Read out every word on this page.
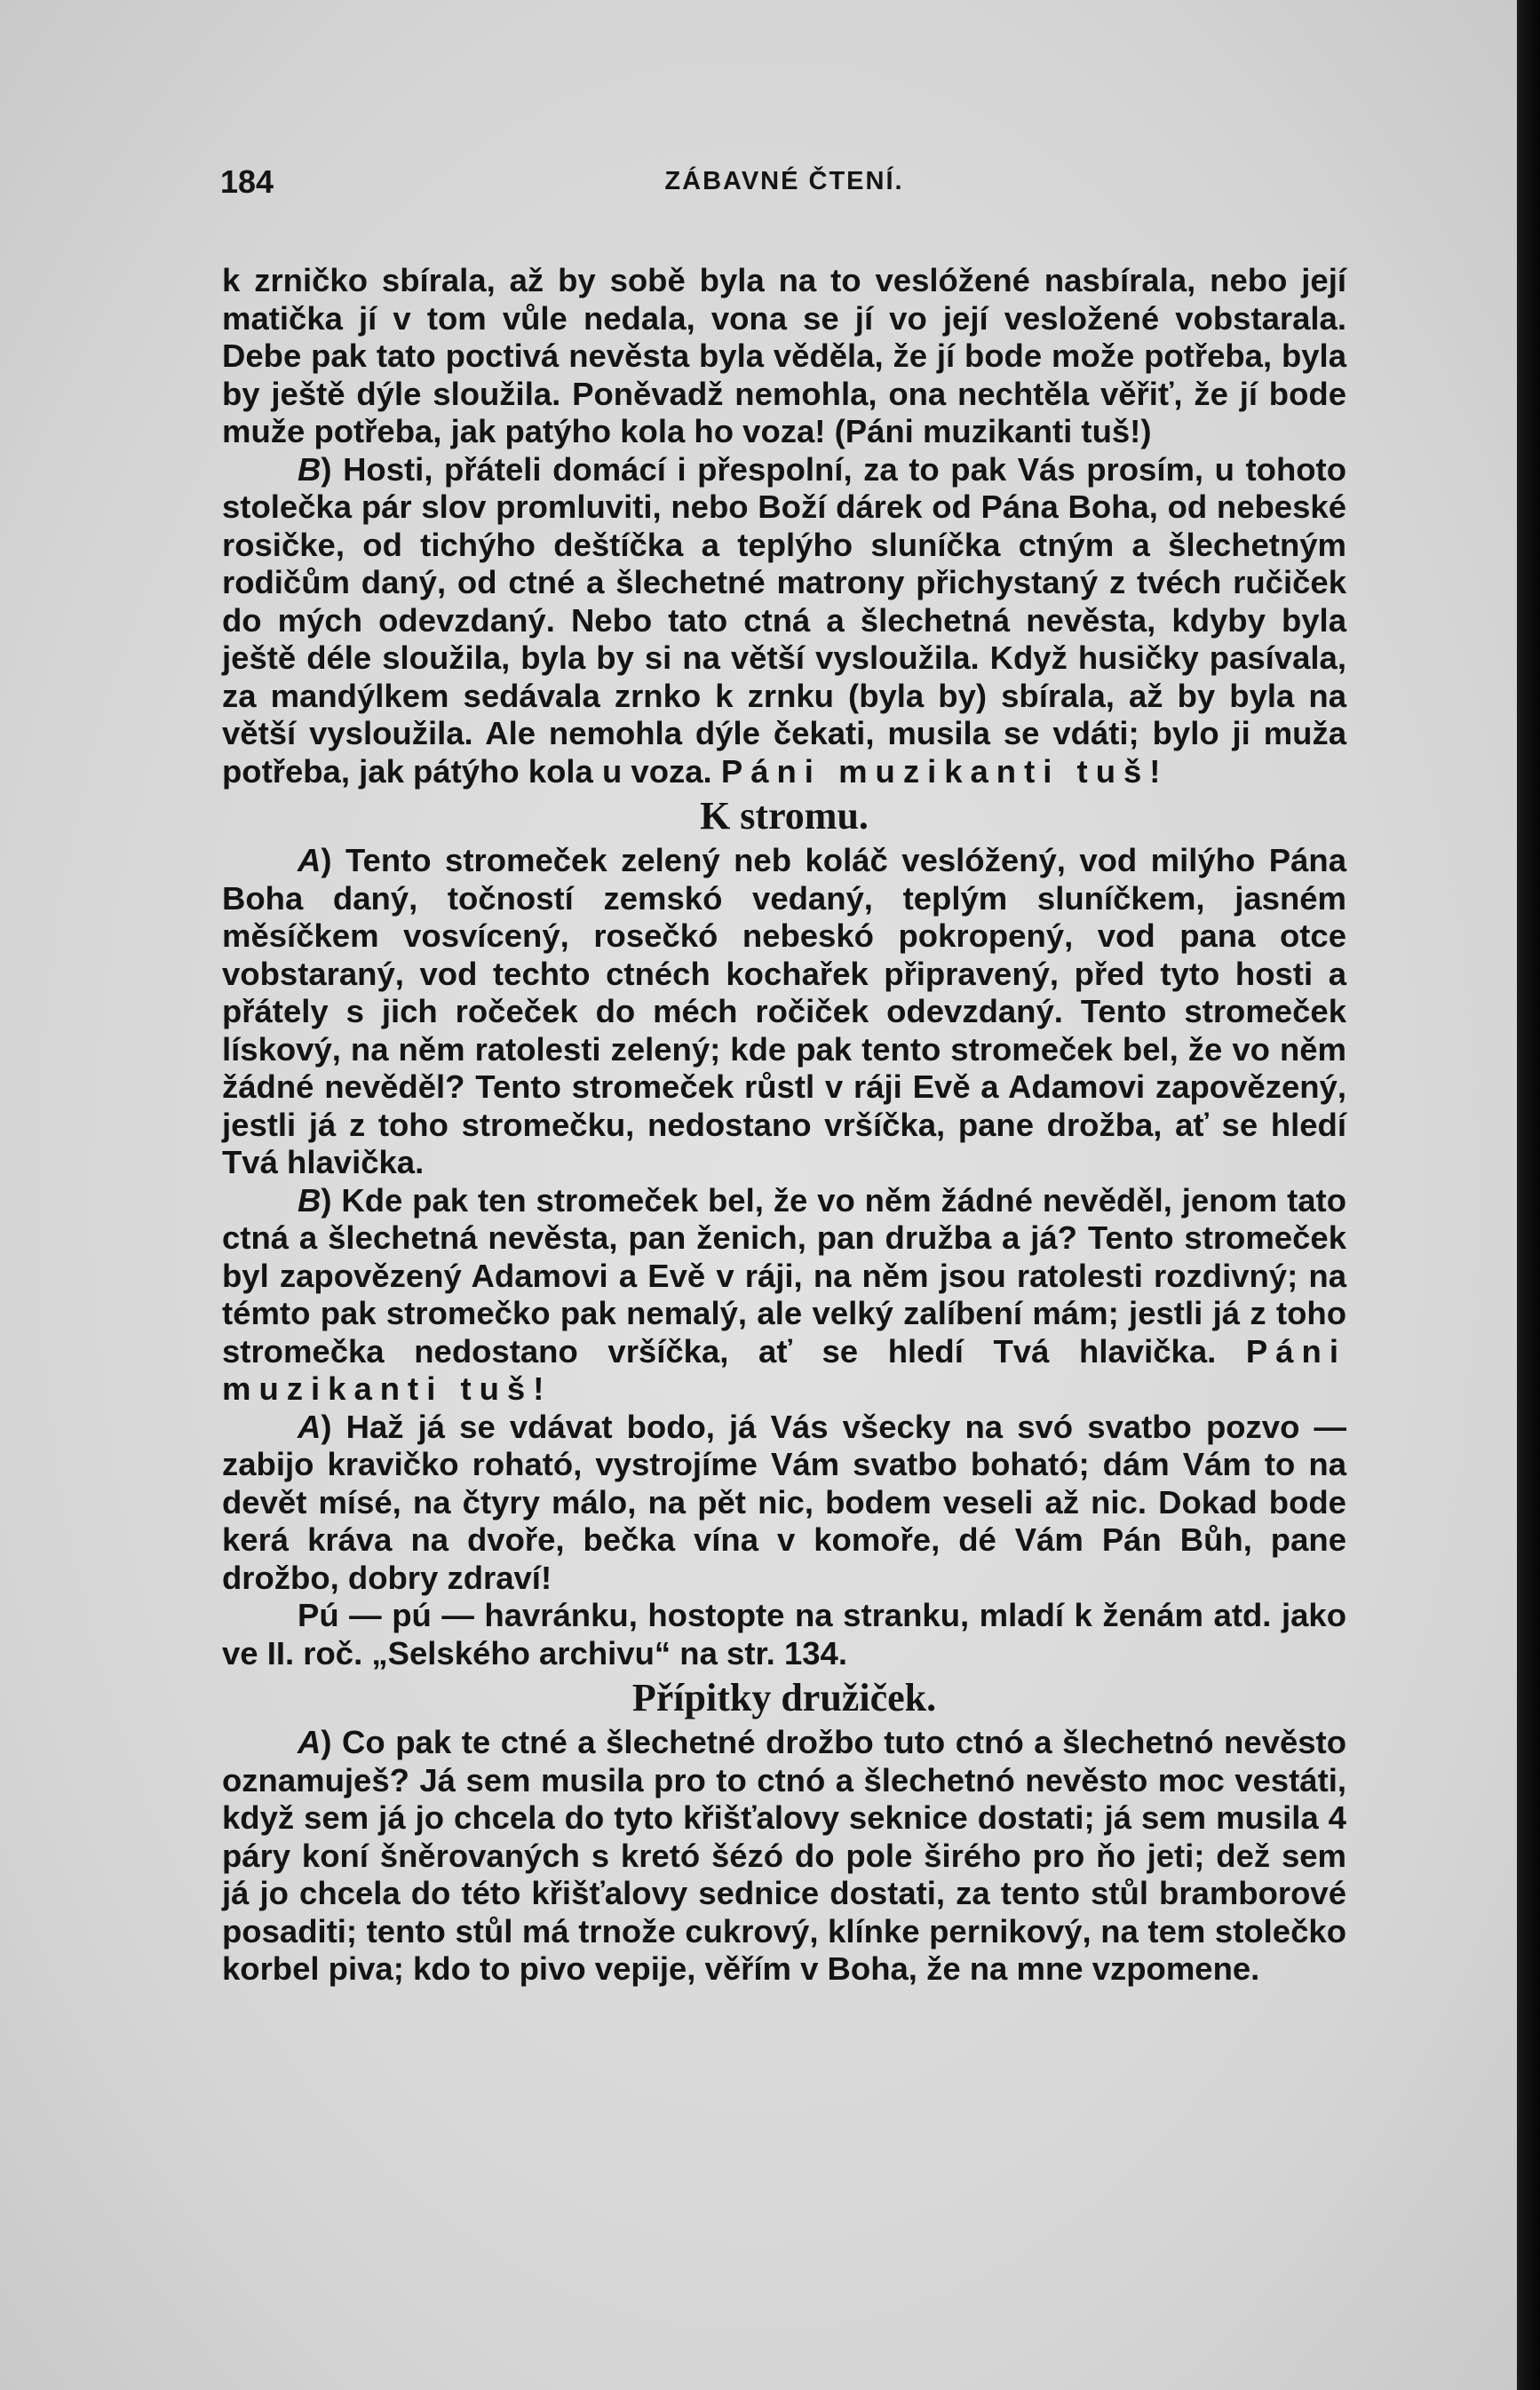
184	ZÁBAVNÉ ČTENÍ.

k zrničko sbírala, až by sobě byla na to veslóžené nasbírala, nebo její matička jí v tom vůle nedala, vona se jí vo její vesložené vobstarala. Debe pak tato poctivá nevěsta byla věděla, že jí bode može potřeba, byla by ještě dýle sloužila. Poněvadž nemohla, ona nechtěla věřiť, že jí bode muže potřeba, jak patýho kola ho voza! (Páni muzikanti tuš!)

B) Hosti, přáteli domácí i přespolní, za to pak Vás prosím, u tohoto stolečka pár slov promluviti, nebo Boží dárek od Pána Boha, od nebeské rosičke, od tichýho deštíčka a teplýho sluníčka ctným a šlechetným rodičům daný, od ctné a šlechetné matrony přichystaný z tvéch ručiček do mých odevzdaný. Nebo tato ctná a šlechetná nevěsta, kdyby byla ještě déle sloužila, byla by si na větší vysloužila. Když husičky pasívala, za mandýlkem sedávala zrnko k zrnku (byla by) sbírala, až by byla na větší vysloužila. Ale nemohla dýle čekati, musila se vdáti; bylo ji muža potřeba, jak pátýho kola u voza. Páni muzikanti tuš!

K stromu.

A) Tento stromeček zelený neb koláč veslóžený, vod milýho Pána Boha daný, točností zemskó vedaný, teplým sluníčkem, jasném měsíčkem vosvícený, rosečkó nebeskó pokropený, vod pana otce vobstaraný, vod techto ctnéch kochařek připravený, před tyto hosti a přátely s jich ročeček do méch ročiček odevzdaný. Tento stromeček lískový, na něm ratolesti zelený; kde pak tento stromeček bel, že vo něm žádné nevěděl? Tento stromeček růstl v ráji Evě a Adamovi zapovězený, jestli já z toho stromečku, nedostano vršíčka, pane drožba, ať se hledí Tvá hlavička.

B) Kde pak ten stromeček bel, že vo něm žádné nevěděl, jenom tato ctná a šlechetná nevěsta, pan ženich, pan družba a já? Tento stromeček byl zapovězený Adamovi a Evě v ráji, na něm jsou ratolesti rozdivný; na témto pak stromečko pak nemalý, ale velký zalíbení mám; jestli já z toho stromečka nedostano vršíčka, ať se hledí Tvá hlavička. Páni muzikanti tuš!

A) Haž já se vdávat bodo, já Vás všecky na svó svatbo pozvo — zabijo kravičko roható, vystrojíme Vám svatbo boható; dám Vám to na devět mísé, na čtyry málo, na pět nic, bodem veseli až nic. Dokad bode kerá kráva na dvoře, bečka vína v komoře, dé Vám Pán Bůh, pane drožbo, dobry zdraví!

Pú — pú — havránku, hostopte na stranku, mladí k ženám atd. jako ve II. roč. „Selského archivu“ na str. 134.

Přípitky družiček.

A) Co pak te ctné a šlechetné drožbo tuto ctnó a šlechetnó nevěsto oznamuješ? Já sem musila pro to ctnó a šlechetnó nevěsto moc vestáti, když sem já jo chcela do tyto křišťalovy seknice dostati; já sem musila 4 páry koní šněrovaných s kretó šézó do pole širého pro ňo jeti; dež sem já jo chcela do této křišťalovy sednice dostati, za tento stůl bramborové posaditi; tento stůl má trnože cukrový, klínke pernikový, na tem stolečko korbel piva; kdo to pivo vepije, věřím v Boha, že na mne vzpomene.
